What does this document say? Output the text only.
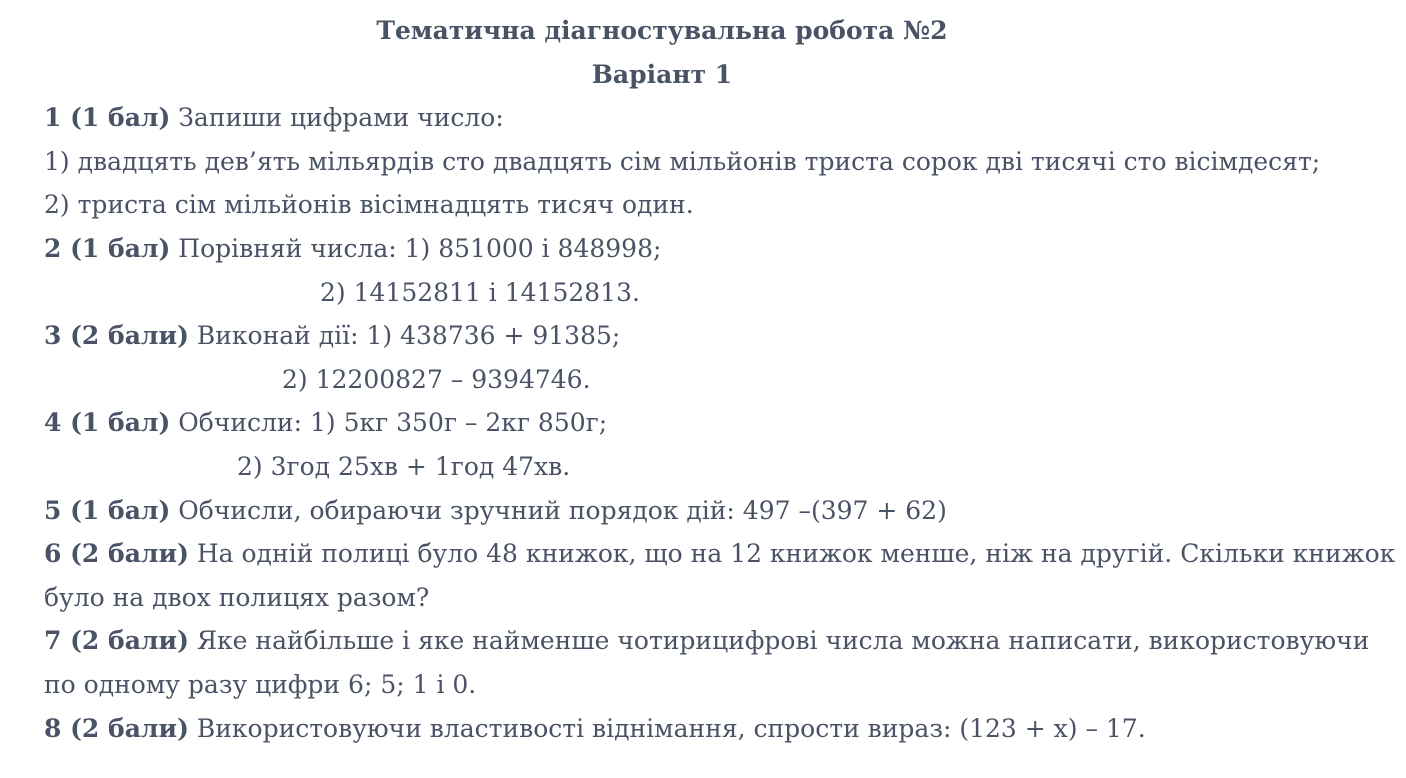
Тематична діагностувальна робота №2
Варіант 1
1 (1 бал) Запиши цифрами число:
1) двадцять дев’ять мільярдів сто двадцять сім мільйонів триста сорок дві тисячі сто вісімдесят;
2) триста сім мільйонів вісімнадцять тисяч один.
2 (1 бал) Порівняй числа: 1) 851000 і 848998;
2) 14152811 і 14152813.
3 (2 бали) Виконай дії: 1) 438736 + 91385;
2) 12200827 – 9394746.
4 (1 бал) Обчисли: 1) 5кг 350г – 2кг 850г;
2) 3год 25хв + 1год 47хв.
5 (1 бал) Обчисли, обираючи зручний порядок дій: 497 –(397 + 62)
6 (2 бали) На одній полиці було 48 книжок, що на 12 книжок менше, ніж на другій. Скільки книжок
було на двох полицях разом?
7 (2 бали) Яке найбільше і яке найменше чотирицифрові числа можна написати, використовуючи
по одному разу цифри 6; 5; 1 і 0.
8 (2 бали) Використовуючи властивості віднімання, спрости вираз: (123 + х) – 17.
